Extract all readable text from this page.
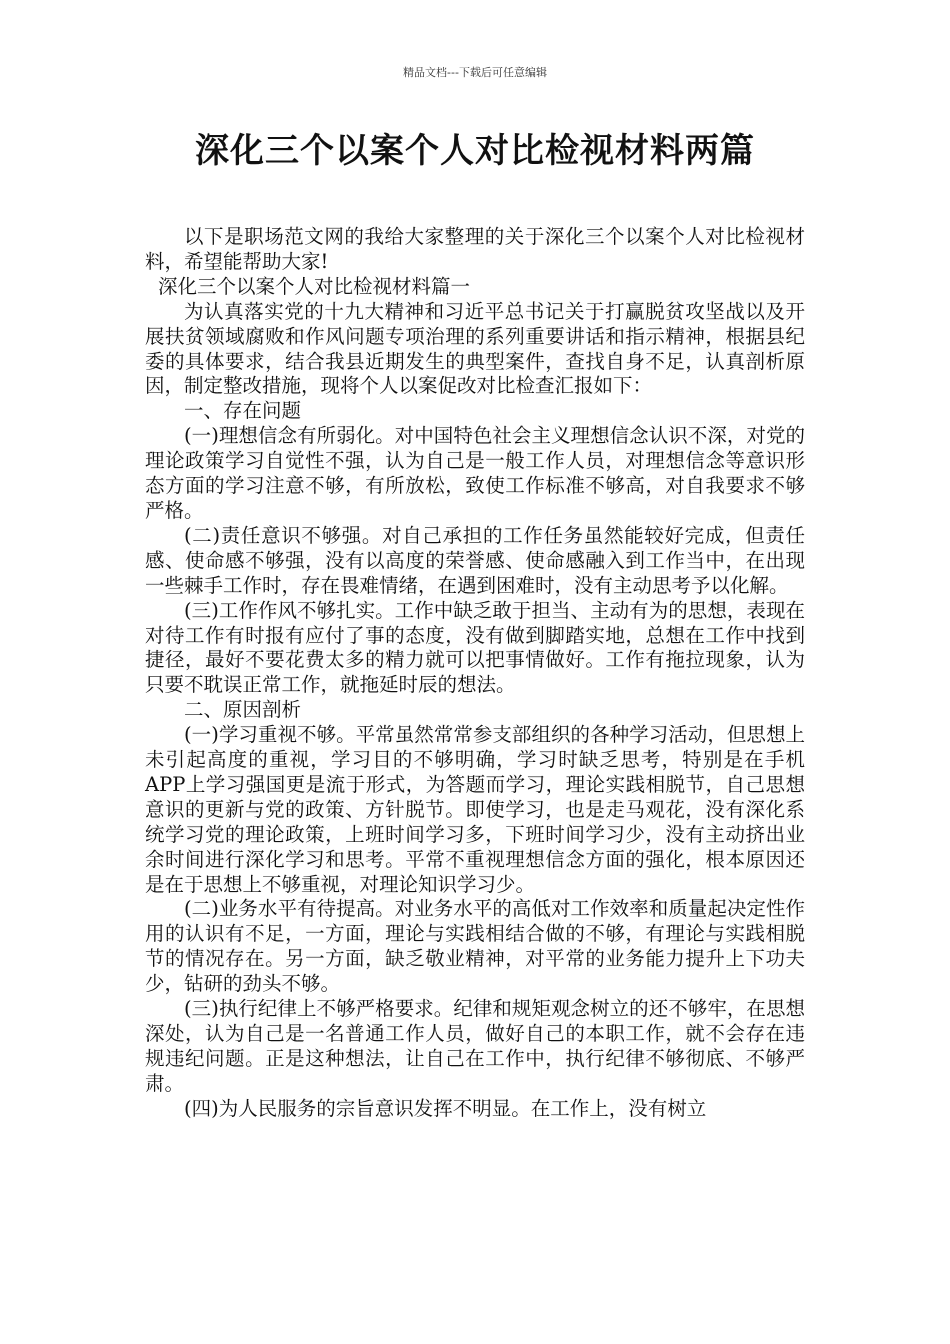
精品文档---下载后可任意编辑
深化三个以案个人对比检视材料两篇

以下是职场范文网的我给大家整理的关于深化三个以案个人对比检视材料，希望能帮助大家!

深化三个以案个人对比检视材料篇一

为认真落实党的十九大精神和习近平总书记关于打赢脱贫攻坚战以及开展扶贫领域腐败和作风问题专项治理的系列重要讲话和指示精神，根据县纪委的具体要求，结合我县近期发生的典型案件，查找自身不足，认真剖析原因，制定整改措施，现将个人以案促改对比检查汇报如下：

一、存在问题

(一)理想信念有所弱化。对中国特色社会主义理想信念认识不深，对党的理论政策学习自觉性不强，认为自己是一般工作人员，对理想信念等意识形态方面的学习注意不够，有所放松，致使工作标准不够高，对自我要求不够严格。

(二)责任意识不够强。对自己承担的工作任务虽然能较好完成，但责任感、使命感不够强，没有以高度的荣誉感、使命感融入到工作当中，在出现一些棘手工作时，存在畏难情绪，在遇到困难时，没有主动思考予以化解。

(三)工作作风不够扎实。工作中缺乏敢于担当、主动有为的思想，表现在对待工作有时报有应付了事的态度，没有做到脚踏实地，总想在工作中找到捷径，最好不要花费太多的精力就可以把事情做好。工作有拖拉现象，认为只要不耽误正常工作，就拖延时辰的想法。

二、原因剖析

(一)学习重视不够。平常虽然常常参支部组织的各种学习活动，但思想上未引起高度的重视，学习目的不够明确，学习时缺乏思考，特别是在手机APP上学习强国更是流于形式，为答题而学习，理论实践相脱节，自己思想意识的更新与党的政策、方针脱节。即使学习，也是走马观花，没有深化系统学习党的理论政策，上班时间学习多，下班时间学习少，没有主动挤出业余时间进行深化学习和思考。平常不重视理想信念方面的强化，根本原因还是在于思想上不够重视，对理论知识学习少。

(二)业务水平有待提高。对业务水平的高低对工作效率和质量起决定性作用的认识有不足，一方面，理论与实践相结合做的不够，有理论与实践相脱节的情况存在。另一方面，缺乏敬业精神，对平常的业务能力提升上下功夫少，钻研的劲头不够。

(三)执行纪律上不够严格要求。纪律和规矩观念树立的还不够牢，在思想深处，认为自己是一名普通工作人员，做好自己的本职工作，就不会存在违规违纪问题。正是这种想法，让自己在工作中，执行纪律不够彻底、不够严肃。

(四)为人民服务的宗旨意识发挥不明显。在工作上，没有树立
